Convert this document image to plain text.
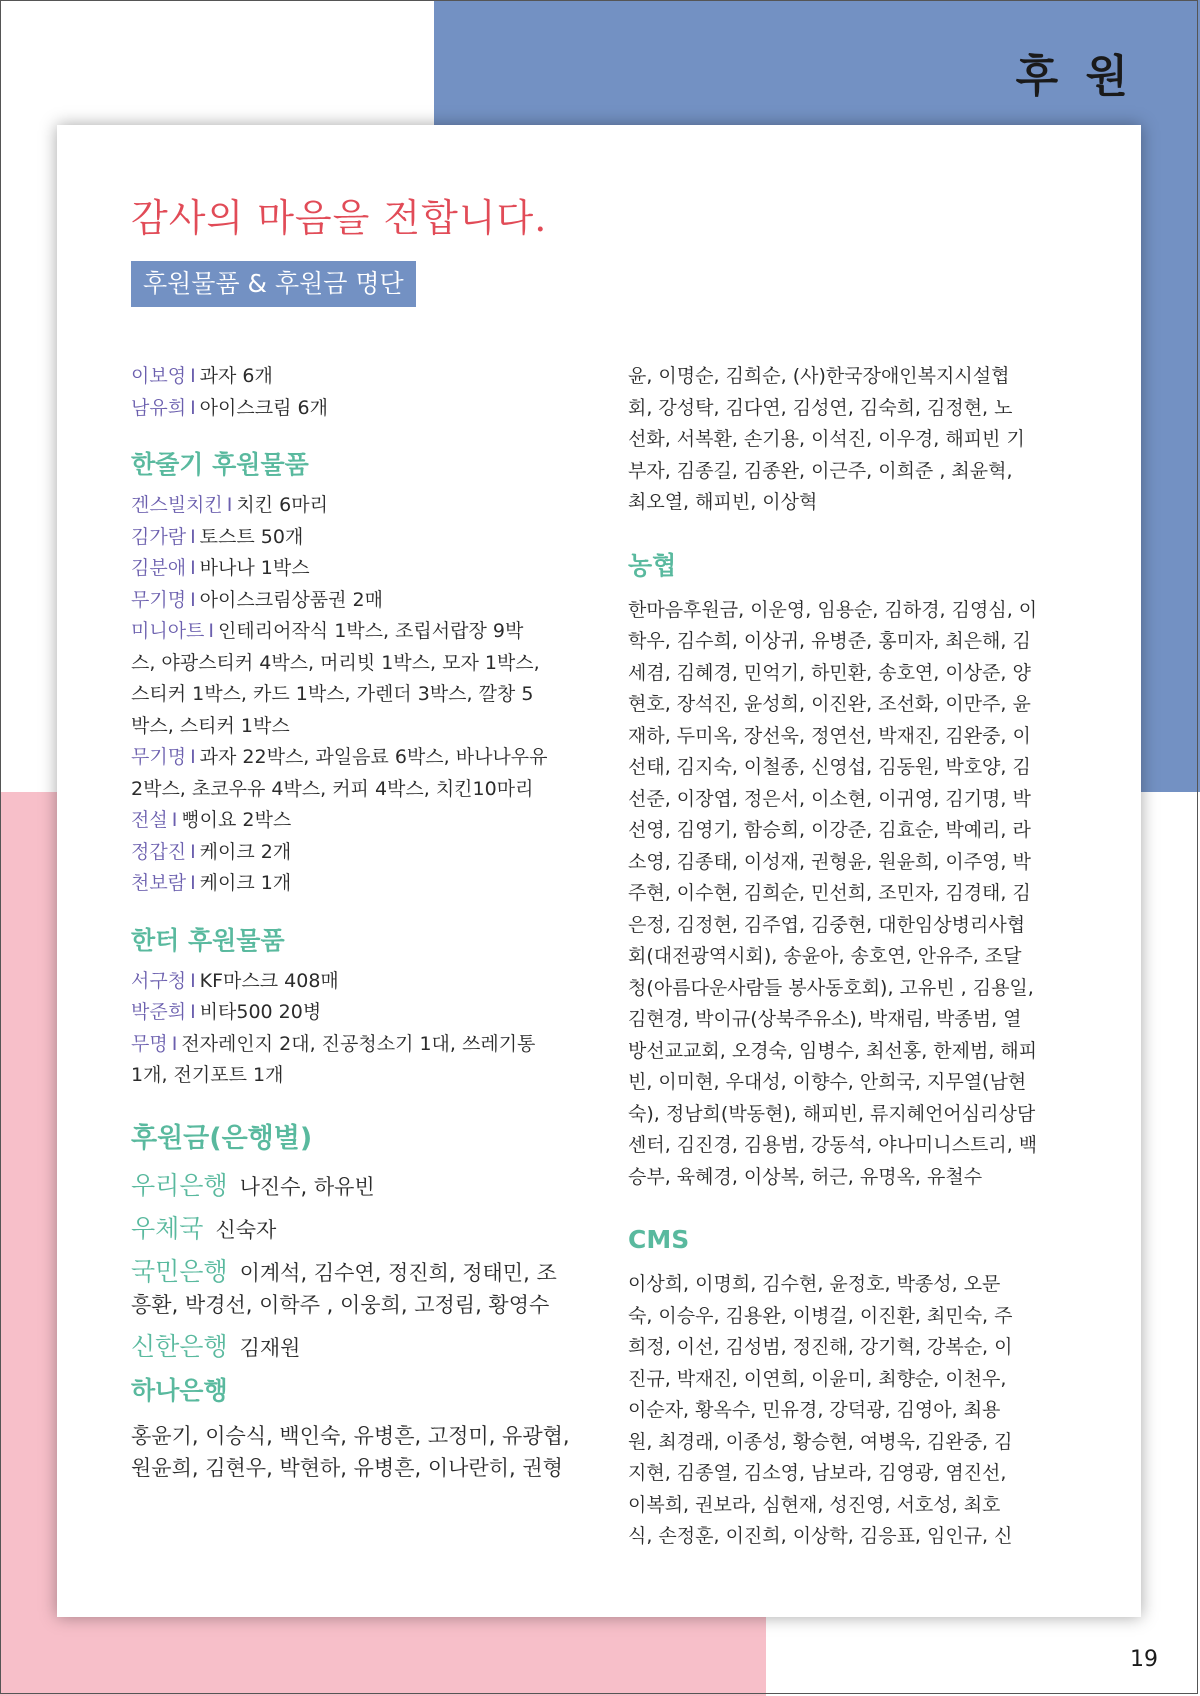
후 원
감사의 마음을 전합니다.
후원물품 & 후원금 명단
이보영 I 과자 6개
남유희 I 아이스크림 6개
한줄기 후원물품
겐스빌치킨 I 치킨 6마리
김가람 I 토스트 50개
김분애 I 바나나 1박스
무기명 I 아이스크림상품권 2매
미니아트 I 인테리어작식 1박스, 조립서랍장 9박
스, 야광스티커 4박스, 머리빗 1박스, 모자 1박스,
스티커 1박스, 카드 1박스, 가렌더 3박스, 깔창 5
박스, 스티커 1박스
무기명 I 과자 22박스, 과일음료 6박스, 바나나우유
2박스, 초코우유 4박스, 커피 4박스, 치킨10마리
전설 I 뻥이요 2박스
정갑진 I 케이크 2개
천보람 I 케이크 1개
한터 후원물품
서구청 I KF마스크 408매
박준희 I 비타500 20병
무명 I 전자레인지 2대, 진공청소기 1대, 쓰레기통
1개, 전기포트 1개
후원금(은행별)
우리은행 나진수, 하유빈
우체국 신숙자
국민은행 이계석, 김수연, 정진희, 정태민, 조
흥환, 박경선, 이학주 , 이웅희, 고정림, 황영수
신한은행 김재원
하나은행
홍윤기, 이승식, 백인숙, 유병흔, 고정미, 유광협,
원윤희, 김현우, 박현하, 유병흔, 이나란히, 권형
윤, 이명순, 김희순, (사)한국장애인복지시설협
회, 강성탁, 김다연, 김성연, 김숙희, 김정현, 노
선화, 서복환, 손기용, 이석진, 이우경, 해피빈 기
부자, 김종길, 김종완, 이근주, 이희준 , 최윤혁,
최오열, 해피빈, 이상혁
농협
한마음후원금, 이운영, 임용순, 김하경, 김영심, 이
학우, 김수희, 이상귀, 유병준, 홍미자, 최은해, 김
세겸, 김혜경, 민억기, 하민환, 송호연, 이상준, 양
현호, 장석진, 윤성희, 이진완, 조선화, 이만주, 윤
재하, 두미옥, 장선욱, 정연선, 박재진, 김완중, 이
선태, 김지숙, 이철종, 신영섭, 김동원, 박호양, 김
선준, 이장엽, 정은서, 이소현, 이귀영, 김기명, 박
선영, 김영기, 함승희, 이강준, 김효순, 박예리, 라
소영, 김종태, 이성재, 권형윤, 원윤희, 이주영, 박
주현, 이수현, 김희순, 민선희, 조민자, 김경태, 김
은정, 김정현, 김주엽, 김중현, 대한임상병리사협
회(대전광역시회), 송윤아, 송호연, 안유주, 조달
청(아름다운사람들 봉사동호회), 고유빈 , 김용일,
김현경, 박이규(상북주유소), 박재림, 박종범, 열
방선교교회, 오경숙, 임병수, 최선홍, 한제범, 해피
빈, 이미현, 우대성, 이향수, 안희국, 지무열(남현
숙), 정남희(박동현), 해피빈, 류지혜언어심리상담
센터, 김진경, 김용범, 강동석, 야나미니스트리, 백
승부, 육혜경, 이상복, 허근, 유명옥, 유철수
CMS
이상희, 이명희, 김수현, 윤정호, 박종성, 오문
숙, 이승우, 김용완, 이병걸, 이진환, 최민숙, 주
희정, 이선, 김성범, 정진해, 강기혁, 강복순, 이
진규, 박재진, 이연희, 이윤미, 최향순, 이천우,
이순자, 황옥수, 민유경, 강덕광, 김영아, 최용
원, 최경래, 이종성, 황승현, 여병욱, 김완중, 김
지현, 김종열, 김소영, 남보라, 김영광, 염진선,
이복희, 권보라, 심현재, 성진영, 서호성, 최호
식, 손정훈, 이진희, 이상학, 김응표, 임인규, 신

19
